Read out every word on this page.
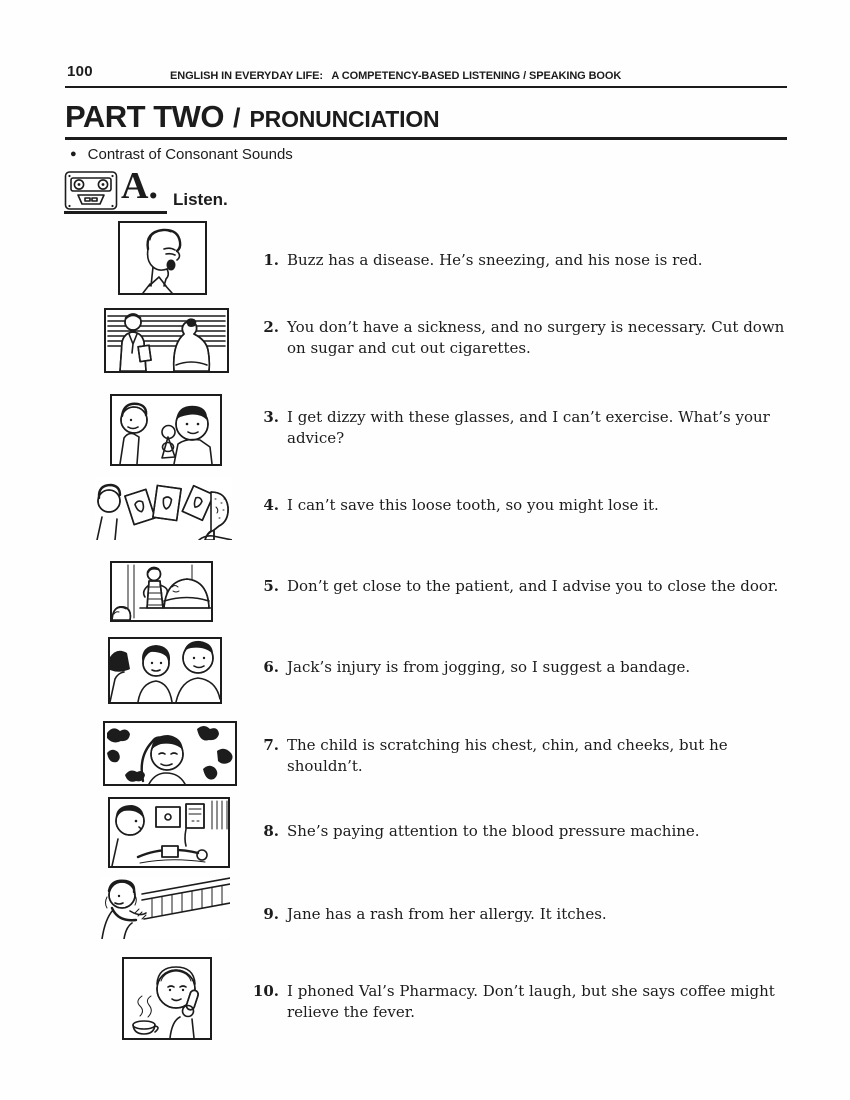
100	ENGLISH IN EVERYDAY LIFE:   A COMPETENCY-BASED LISTENING / SPEAKING BOOK
PART TWO / PRONUNCIATION
● Contrast of Consonant Sounds
A. Listen.
1. Buzz has a disease. He’s sneezing, and his nose is red.
2. You don’t have a sickness, and no surgery is necessary. Cut down
on sugar and cut out cigarettes.
3. I get dizzy with these glasses, and I can’t exercise. What’s your
advice?
4. I can’t save this loose tooth, so you might lose it.
5. Don’t get close to the patient, and I advise you to close the door.
6. Jack’s injury is from jogging, so I suggest a bandage.
7. The child is scratching his chest, chin, and cheeks, but he
shouldn’t.
8. She’s paying attention to the blood pressure machine.
9. Jane has a rash from her allergy. It itches.
10. I phoned Val’s Pharmacy. Don’t laugh, but she says coffee might
relieve the fever.
